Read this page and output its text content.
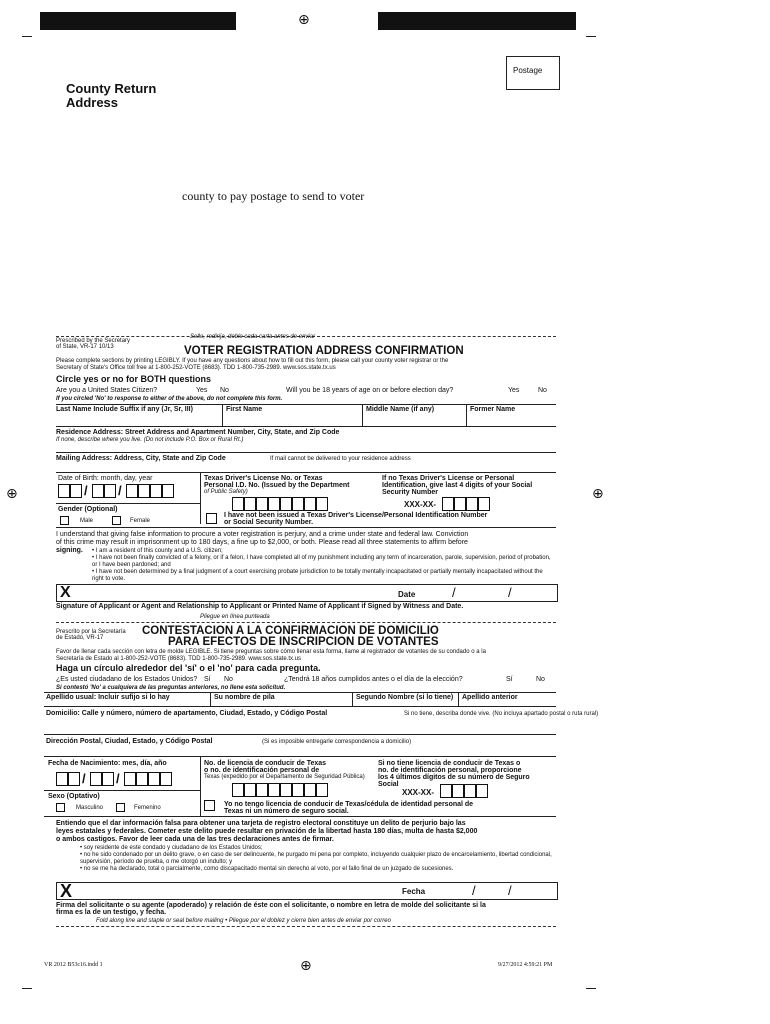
⊕
⊕	⊕
⊕
Postage
County Return
Address
county to pay postage to send to voter
Prescribed by the Secretary
of State, VR-17 10/13
Sello, redirija, doble cada carta antes de enviar
VOTER REGISTRATION ADDRESS CONFIRMATION
Please complete sections by printing LEGIBLY. If you have any questions about how to fill out this form, please call your county voter registrar or the
Secretary of State's Office toll free at 1-800-252-VOTE (8683). TDD 1-800-735-2989. www.sos.state.tx.us
Circle yes or no for BOTH questions
Are you a United States Citizen?	Yes No	Will you be 18 years of age on or before election day?	Yes	No
If you circled 'No' to response to either of the above, do not complete this form.
Last Name Include Suffix if any (Jr, Sr, III)	First Name	Middle Name (if any)	Former Name
Residence Address: Street Address and Apartment Number, City, State, and Zip Code
If none, describe where you live. (Do not include P.O. Box or Rural Rt.)
Mailing Address: Address, City, State and Zip Code	If mail cannot be delivered to your residence address
Date of Birth: month, day, year
/ /
Texas Driver's License No. or Texas
Personal I.D. No. (Issued by the Department
of Public Safety)
If no Texas Driver's License or Personal
Identification, give last 4 digits of your Social
Security Number
XXX-XX-
Gender (Optional)
Male	Female
I have not been issued a Texas Driver's License/Personal Identification Number
or Social Security Number.
I understand that giving false information to procure a voter registration is perjury, and a crime under state and federal law. Conviction
of this crime may result in imprisonment up to 180 days, a fine up to $2,000, or both. Please read all three statements to affirm before
signing. • I am a resident of this county and a U.S. citizen;
• I have not been finally convicted of a felony, or if a felon, I have completed all of my punishment including any term of incarceration, parole, supervision, period of probation, or I have been pardoned; and
• I have not been determined by a final judgment of a court exercising probate jurisdiction to be totally mentally incapacitated or partially mentally incapacitated without the right to vote.
X	Date	/	/
Signature of Applicant or Agent and Relationship to Applicant or Printed Name of Applicant if Signed by Witness and Date.
Pliegue en línea punteada
Prescrito por la Secretaría
de Estado, VR-17
CONTESTACION A LA CONFIRMACION DE DOMICILIO
PARA EFECTOS DE INSCRIPCION DE VOTANTES
Favor de llenar cada sección con letra de molde LEGIBLE. Si tiene preguntas sobre cómo llenar esta forma, llame al registrador de votantes de su condado o a la
Secretaría de Estado al 1-800-252-VOTE (8683). TDD 1-800-735-2989. www.sos.state.tx.us
Haga un círculo alrededor del 'sí' o el 'no' para cada pregunta.
¿Es usted ciudadano de los Estados Unidos? Sí No	¿Tendrá 18 años cumplidos antes o el día de la elección?	Sí	No
Si contestó 'No' a cualquiera de las preguntas anteriores, no llene esta solicitud.
Apellido usual: Incluir sufijo si lo hay	Su nombre de pila	Segundo Nombre (si lo tiene) Apellido anterior
Domicilio: Calle y número, número de apartamento, Ciudad, Estado, y Código Postal	Si no tiene, describa donde vive. (No incluya apartado postal o ruta rural)
Dirección Postal, Ciudad, Estado, y Código Postal	(Si es imposible entregarle correspondencia a domicilio)
Fecha de Nacimiento: mes, día, año
/ /
No. de licencia de conducir de Texas
o no. de identificación personal de
Texas (expedido por el Departamento de Seguridad Pública)
Si no tiene licencia de conducir de Texas o
no. de identificación personal, proporcione
los 4 últimos dígitos de su número de Seguro
Social
XXX-XX-
Sexo (Optativo)
Masculino	Femenino	Yo no tengo licencia de conducir de Texas/cédula de identidad personal de
Texas ni un número de seguro social.
Entiendo que el dar información falsa para obtener una tarjeta de registro electoral constituye un delito de perjurio bajo las
leyes estatales y federales. Cometer este delito puede resultar en privación de la libertad hasta 180 días, multa de hasta $2,000
o ambos castigos. Favor de leer cada una de las tres declaraciones antes de firmar.
• soy residente de este condado y ciudadano de los Estados Unidos;
• no he sido condenado por un delito grave, o en caso de ser delincuente, he purgado mi pena por completo, incluyendo cualquier plazo de encarcelamiento, libertad condicional, supervisión, período de prueba, o me otorgó un indulto; y
• no se me ha declarado, total o parcialmente, como discapacitado mental sin derecho al voto, por el fallo final de un juzgado de sucesiones.
X	Fecha	/ /
Firma del solicitante o su agente (apoderado) y relación de éste con el solicitante, o nombre en letra de molde del solicitante si la
firma es la de un testigo, y fecha.
Fold along line and staple or seal before mailing • Pliegue por el doblez y cierre bien antes de enviar por correo
VR 2012 B53c16.indd 1	9/27/2012 4:59:21 PM
